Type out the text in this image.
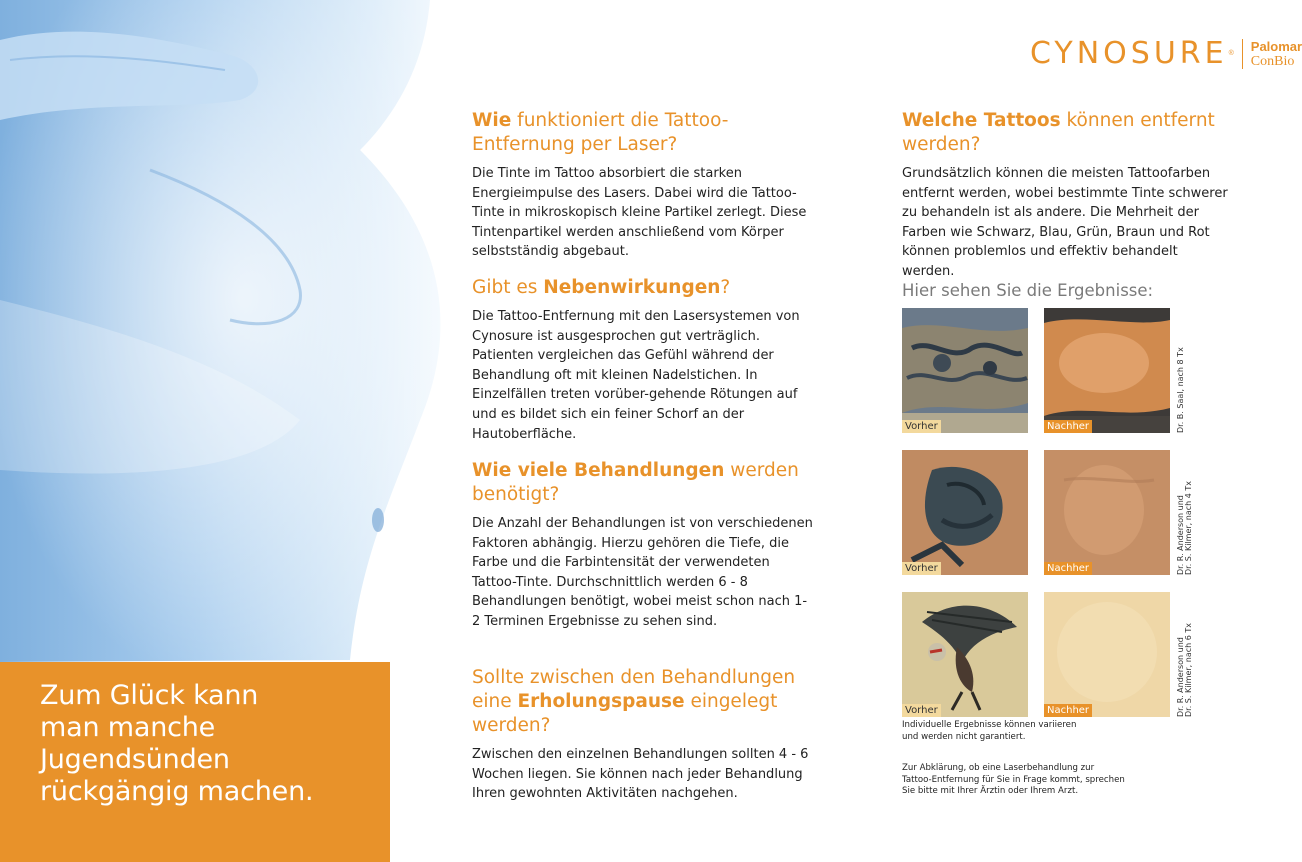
Zum Glück kann
man manche
Jugendsünden
rückgängig machen.
CYNOSURE ® Palomar
ConBio
Wie funktioniert die Tattoo-Entfernung per Laser?

Die Tinte im Tattoo absorbiert die starken Energieimpulse des Lasers. Dabei wird die Tattoo-Tinte in mikroskopisch kleine Partikel zerlegt. Diese Tintenpartikel werden anschließend vom Körper selbstständig abgebaut.

Gibt es Nebenwirkungen?

Die Tattoo-Entfernung mit den Lasersystemen von Cynosure ist ausgesprochen gut verträglich. Patienten vergleichen das Gefühl während der Behandlung oft mit kleinen Nadelstichen. In Einzelfällen treten vorüber-gehende Rötungen auf und es bildet sich ein feiner Schorf an der Hautoberfläche.

Wie viele Behandlungen werden benötigt?

Die Anzahl der Behandlungen ist von verschiedenen Faktoren abhängig. Hierzu gehören die Tiefe, die Farbe und die Farbintensität der verwendeten Tattoo-Tinte. Durchschnittlich werden 6 - 8 Behandlungen benötigt, wobei meist schon nach 1- 2 Terminen Ergebnisse zu sehen sind.

Sollte zwischen den Behandlungen eine Erholungspause eingelegt werden?

Zwischen den einzelnen Behandlungen sollten 4 - 6 Wochen liegen. Sie können nach jeder Behandlung Ihren gewohnten Aktivitäten nachgehen.

Welche Tattoos können entfernt werden?

Grundsätzlich können die meisten Tattoofarben entfernt werden, wobei bestimmte Tinte schwerer zu behandeln ist als andere. Die Mehrheit der Farben wie Schwarz, Blau, Grün, Braun und Rot können problemlos und effektiv behandelt werden.

Hier sehen Sie die Ergebnisse:
Vorher	Nachher	Dr. B. Saal, nach 8 Tx
Vorher	Nachher	Dr. R. Anderson und
Dr. S. Kilmer, nach 4 Tx
Vorher	Nachher	Dr. R. Anderson und
Dr. S. Kilmer, nach 6 Tx
Individuelle Ergebnisse können variieren
und werden nicht garantiert.
Zur Abklärung, ob eine Laserbehandlung zur
Tattoo-Entfernung für Sie in Frage kommt, sprechen
Sie bitte mit Ihrer Ärztin oder Ihrem Arzt.
